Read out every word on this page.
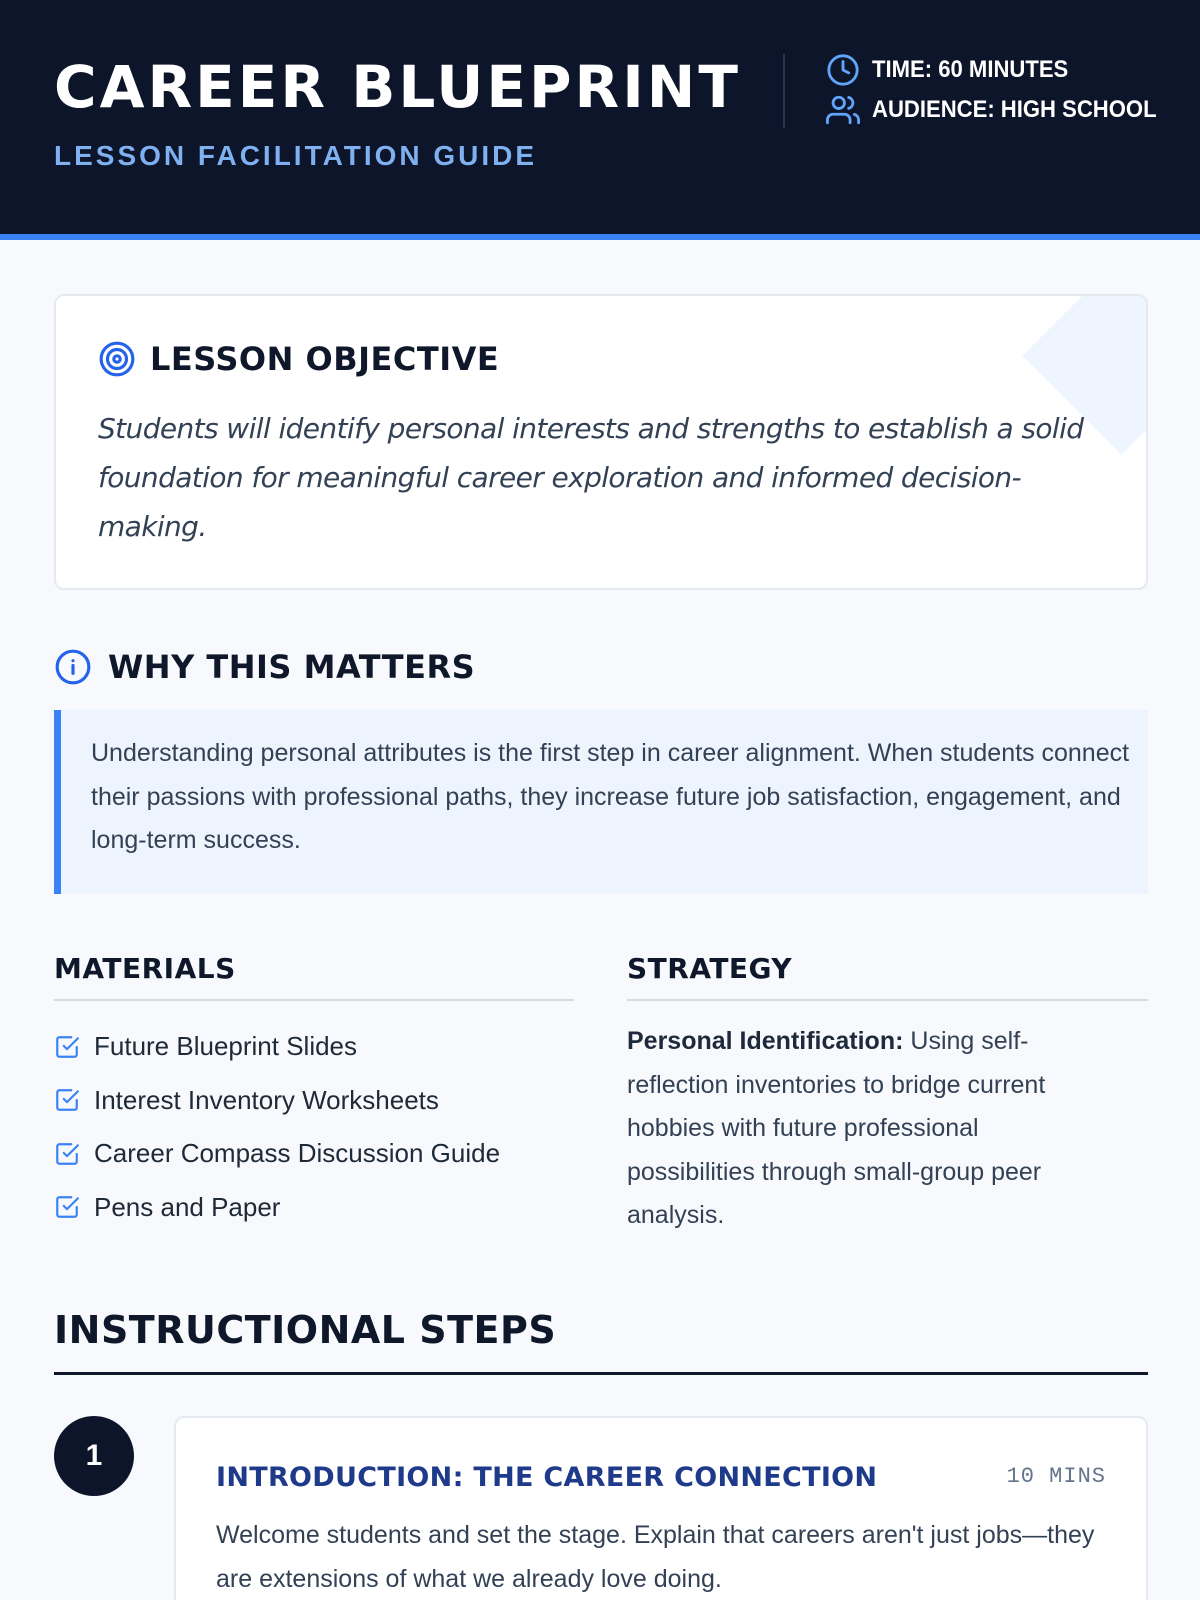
CAREER BLUEPRINT
LESSON FACILITATION GUIDE
TIME: 60 MINUTES
AUDIENCE: HIGH SCHOOL
LESSON OBJECTIVE
Students will identify personal interests and strengths to establish a solid foundation for meaningful career exploration and informed decision-making.
WHY THIS MATTERS
Understanding personal attributes is the first step in career alignment. When students connect their passions with professional paths, they increase future job satisfaction, engagement, and long-term success.
MATERIALS
Future Blueprint Slides
Interest Inventory Worksheets
Career Compass Discussion Guide
Pens and Paper
STRATEGY
Personal Identification: Using self-reflection inventories to bridge current hobbies with future professional possibilities through small-group peer analysis.
INSTRUCTIONAL STEPS
1
INTRODUCTION: THE CAREER CONNECTION	10 MINS
Welcome students and set the stage. Explain that careers aren't just jobs—they are extensions of what we already love doing.
